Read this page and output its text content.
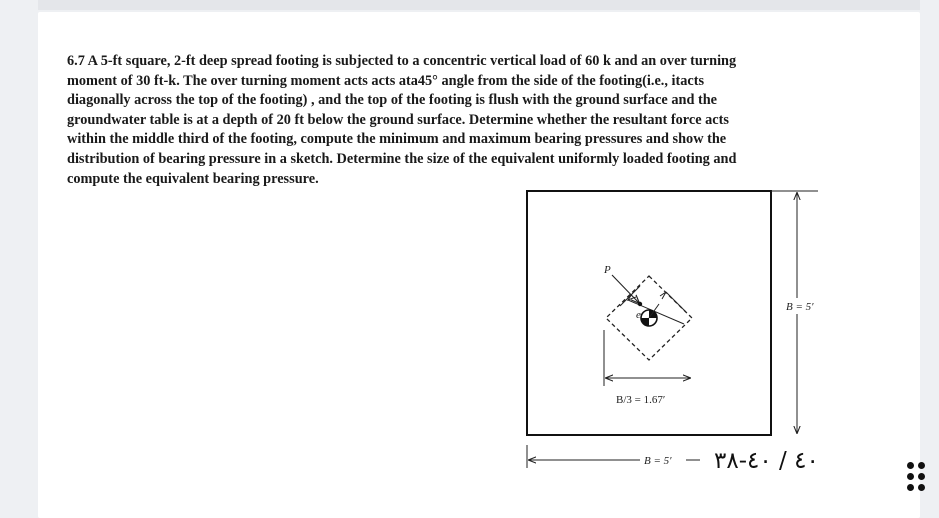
6.7 A 5-ft square, 2-ft deep spread footing is subjected to a concentric vertical load of 60 k and an over turning
moment of 30 ft-k. The over turning moment acts acts ata45° angle from the side of the footing(i.e., itacts
diagonally across the top of the footing) , and the top of the footing is flush with the ground surface and the
groundwater table is at a depth of 20 ft below the ground surface. Determine whether the resultant force acts
within the middle third of the footing, compute the minimum and maximum bearing pressures and show the
distribution of bearing pressure in a sketch. Determine the size of the equivalent uniformly loaded footing and
compute the equivalent bearing pressure.

B = 5′
B = 5′
B/3 = 1.67′
P
e
٤٠ / ٤٠-٣٨
